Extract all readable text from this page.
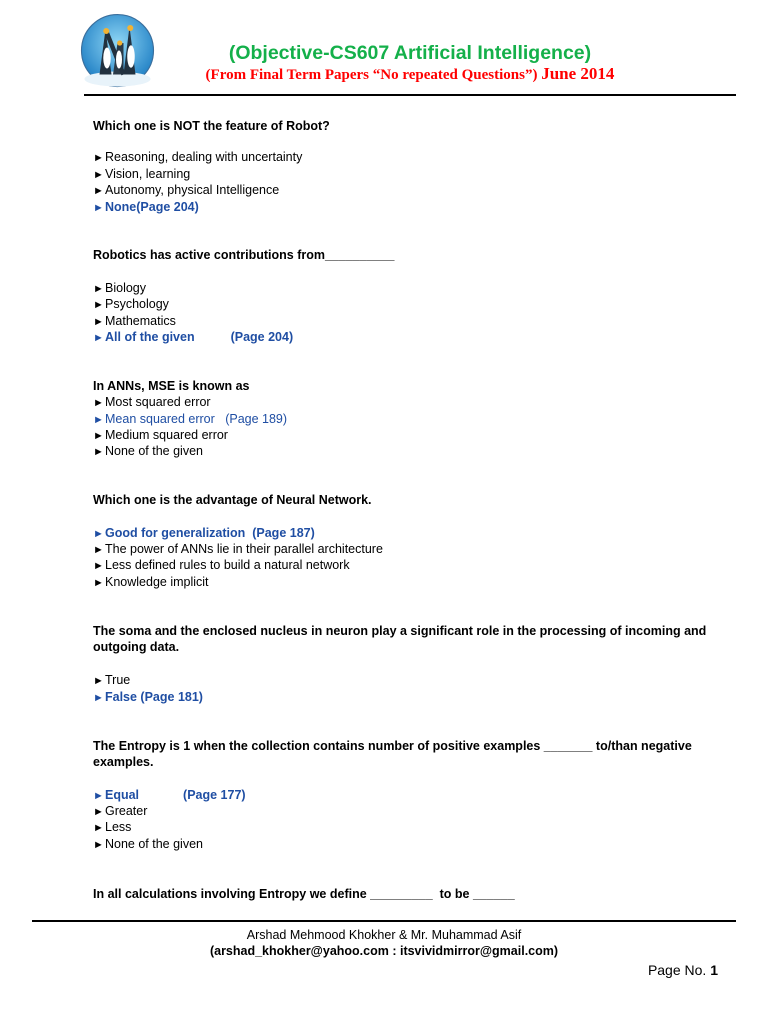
(Objective-CS607 Artificial Intelligence)
(From Final Term Papers “No repeated Questions”) June 2014
Which one is NOT the feature of Robot?
►Reasoning, dealing with uncertainty
►Vision, learning
►Autonomy, physical Intelligence
►None(Page 204)
Robotics has active contributions from__________
►Biology
►Psychology
►Mathematics
►All of the given	(Page 204)
In ANNs, MSE is known as
►Most squared error
►Mean squared error   (Page 189)
►Medium squared error
►None of the given
Which one is the advantage of Neural Network.
►Good for generalization  (Page 187)
►The power of ANNs lie in their parallel architecture
►Less defined rules to build a natural network
►Knowledge implicit
The soma and the enclosed nucleus in neuron play a significant role in the processing of incoming and
outgoing data.
►True
►False (Page 181)
The Entropy is 1 when the collection contains number of positive examples _______ to/than negative
examples.
►Equal	(Page 177)
►Greater
►Less
►None of the given
In all calculations involving Entropy we define _________  to be ______
Arshad Mehmood Khokher & Mr. Muhammad Asif
(arshad_khokher@yahoo.com : itsvividmirror@gmail.com)
Page No. 1
